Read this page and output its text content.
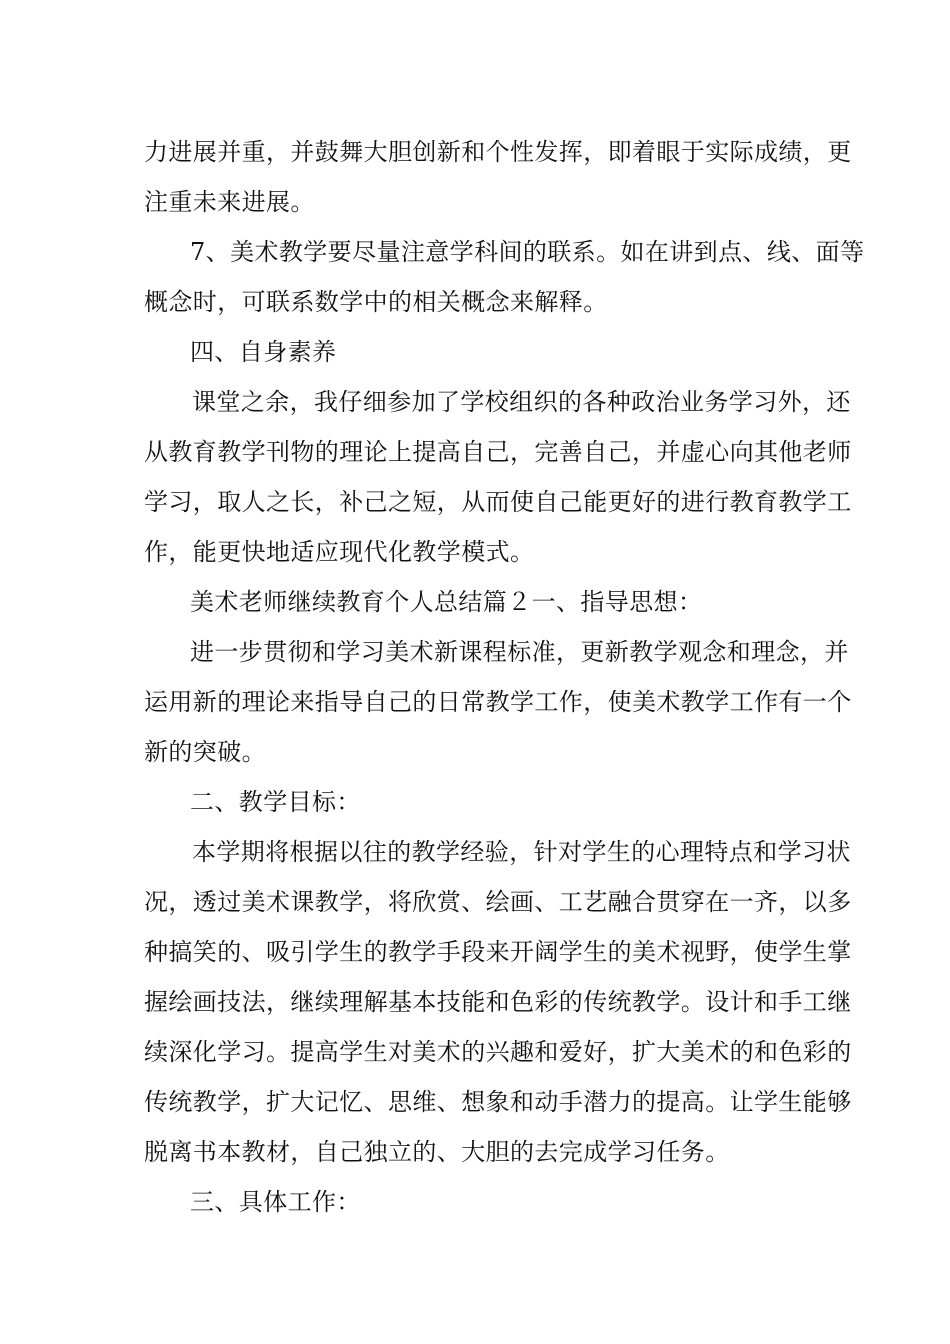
力进展并重，并鼓舞大胆创新和个性发挥，即着眼于实际成绩，更
注重未来进展。
7、美术教学要尽量注意学科间的联系。如在讲到点、线、面等
概念时，可联系数学中的相关概念来解释。
四、自身素养
课堂之余，我仔细参加了学校组织的各种政治业务学习外，还
从教育教学刊物的理论上提高自己，完善自己，并虚心向其他老师
学习，取人之长，补己之短，从而使自己能更好的进行教育教学工
作，能更快地适应现代化教学模式。
美术老师继续教育个人总结篇２一、指导思想：
进一步贯彻和学习美术新课程标准，更新教学观念和理念，并
运用新的理论来指导自己的日常教学工作，使美术教学工作有一个
新的突破。
二、教学目标：
本学期将根据以往的教学经验，针对学生的心理特点和学习状
况，透过美术课教学，将欣赏、绘画、工艺融合贯穿在一齐，以多
种搞笑的、吸引学生的教学手段来开阔学生的美术视野，使学生掌
握绘画技法，继续理解基本技能和色彩的传统教学。设计和手工继
续深化学习。提高学生对美术的兴趣和爱好，扩大美术的和色彩的
传统教学，扩大记忆、思维、想象和动手潜力的提高。让学生能够
脱离书本教材，自己独立的、大胆的去完成学习任务。
三、具体工作：
